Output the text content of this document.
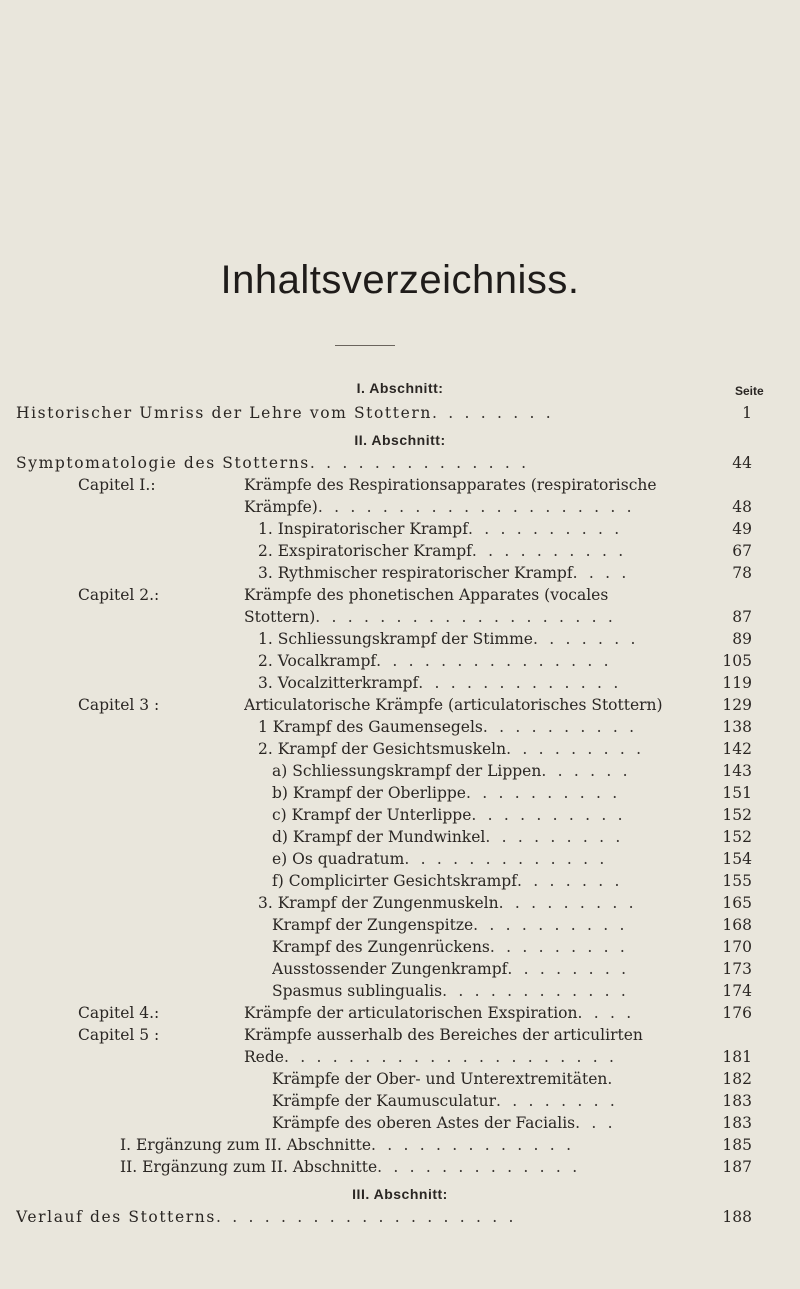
Inhaltsverzeichniss.
Seite
I. Abschnitt:
Historischer Umriss der Lehre vom Stottern. . . . . . . .	1
II. Abschnitt:
Symptomatologie des Stotterns. . . . . . . . . . . . . .	44
Capitel I.:	Krämpfe des Respirationsapparates (respiratorische
Krämpfe). . . . . . . . . . . . . . . . . . . .	48
1. Inspiratorischer Krampf. . . . . . . . . .	49
2. Exspiratorischer Krampf. . . . . . . . . .	67
3. Rythmischer respiratorischer Krampf. . . .	78
Capitel 2.:	Krämpfe des phonetischen Apparates (vocales
Stottern). . . . . . . . . . . . . . . . . . .	87
1. Schliessungskrampf der Stimme. . . . . . .	89
2. Vocalkrampf. . . . . . . . . . . . . . .	105
3. Vocalzitterkrampf. . . . . . . . . . . . .	119
Capitel 3 :	Articulatorische Krämpfe (articulatorisches Stottern)	129
1 Krampf des Gaumensegels. . . . . . . . . .	138
2. Krampf der Gesichtsmuskeln. . . . . . . . .	142
a) Schliessungskrampf der Lippen. . . . . .	143
b) Krampf der Oberlippe. . . . . . . . . .	151
c) Krampf der Unterlippe. . . . . . . . . .	152
d) Krampf der Mundwinkel. . . . . . . . .	152
e) Os quadratum. . . . . . . . . . . . .	154
f) Complicirter Gesichtskrampf. . . . . . .	155
3. Krampf der Zungenmuskeln. . . . . . . . .	165
Krampf der Zungenspitze. . . . . . . . . .	168
Krampf des Zungenrückens. . . . . . . . .	170
Ausstossender Zungenkrampf. . . . . . . .	173
Spasmus sublingualis. . . . . . . . . . . .	174
Capitel 4.:	Krämpfe der articulatorischen Exspiration. . . .	176
Capitel 5 :	Krämpfe ausserhalb des Bereiches der articulirten
Rede. . . . . . . . . . . . . . . . . . . . .	181
Krämpfe der Ober- und Unterextremitäten.	182
Krämpfe der Kaumusculatur. . . . . . . .	183
Krämpfe des oberen Astes der Facialis. . .	183
I. Ergänzung zum II. Abschnitte. . . . . . . . . . . . .	185
II. Ergänzung zum II. Abschnitte. . . . . . . . . . . . .	187
III. Abschnitt:
Verlauf des Stotterns. . . . . . . . . . . . . . . . . . .	188
